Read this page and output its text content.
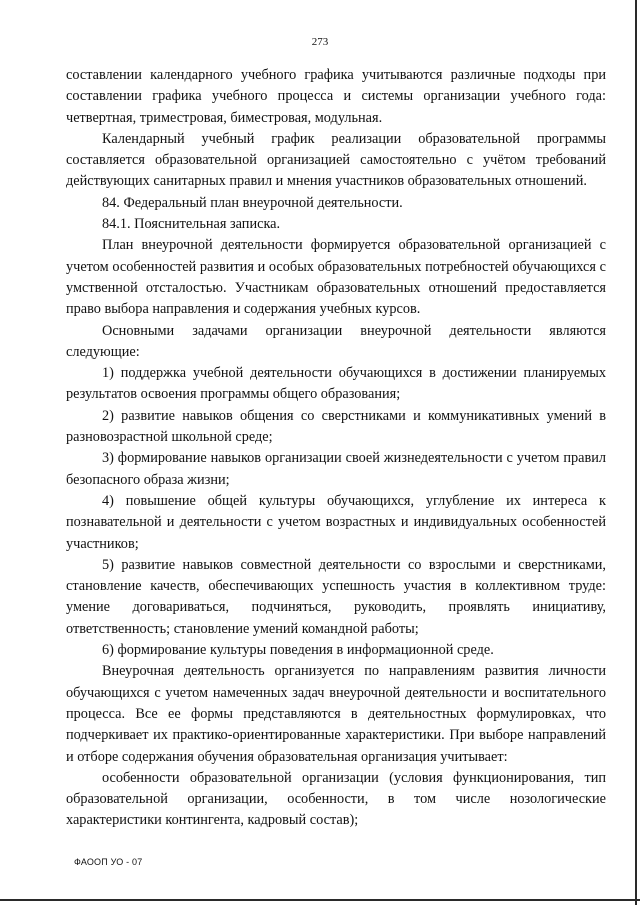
273

составлении календарного учебного графика учитываются различные подходы при составлении графика учебного процесса и системы организации учебного года: четвертная, триместровая, биместровая, модульная.

Календарный учебный график реализации образовательной программы составляется образовательной организацией самостоятельно с учётом требований действующих санитарных правил и мнения участников образовательных отношений.

84. Федеральный план внеурочной деятельности.

84.1. Пояснительная записка.

План внеурочной деятельности формируется образовательной организацией с учетом особенностей развития и особых образовательных потребностей обучающихся с умственной отсталостью. Участникам образовательных отношений предоставляется право выбора направления и содержания учебных курсов.

Основными задачами организации внеурочной деятельности являются следующие:

1) поддержка учебной деятельности обучающихся в достижении планируемых результатов освоения программы общего образования;

2) развитие навыков общения со сверстниками и коммуникативных умений в разновозрастной школьной среде;

3) формирование навыков организации своей жизнедеятельности с учетом правил безопасного образа жизни;

4) повышение общей культуры обучающихся, углубление их интереса к познавательной и деятельности с учетом возрастных и индивидуальных особенностей участников;

5) развитие навыков совместной деятельности со взрослыми и сверстниками, становление качеств, обеспечивающих успешность участия в коллективном труде: умение договариваться, подчиняться, руководить, проявлять инициативу, ответственность; становление умений командной работы;

6) формирование культуры поведения в информационной среде.

Внеурочная деятельность организуется по направлениям развития личности обучающихся с учетом намеченных задач внеурочной деятельности и воспитательного процесса. Все ее формы представляются в деятельностных формулировках, что подчеркивает их практико-ориентированные характеристики. При выборе направлений и отборе содержания обучения образовательная организация учитывает:

особенности образовательной организации (условия функционирования, тип образовательной организации, особенности, в том числе нозологические характеристики контингента, кадровый состав);

ФАООП УО - 07
